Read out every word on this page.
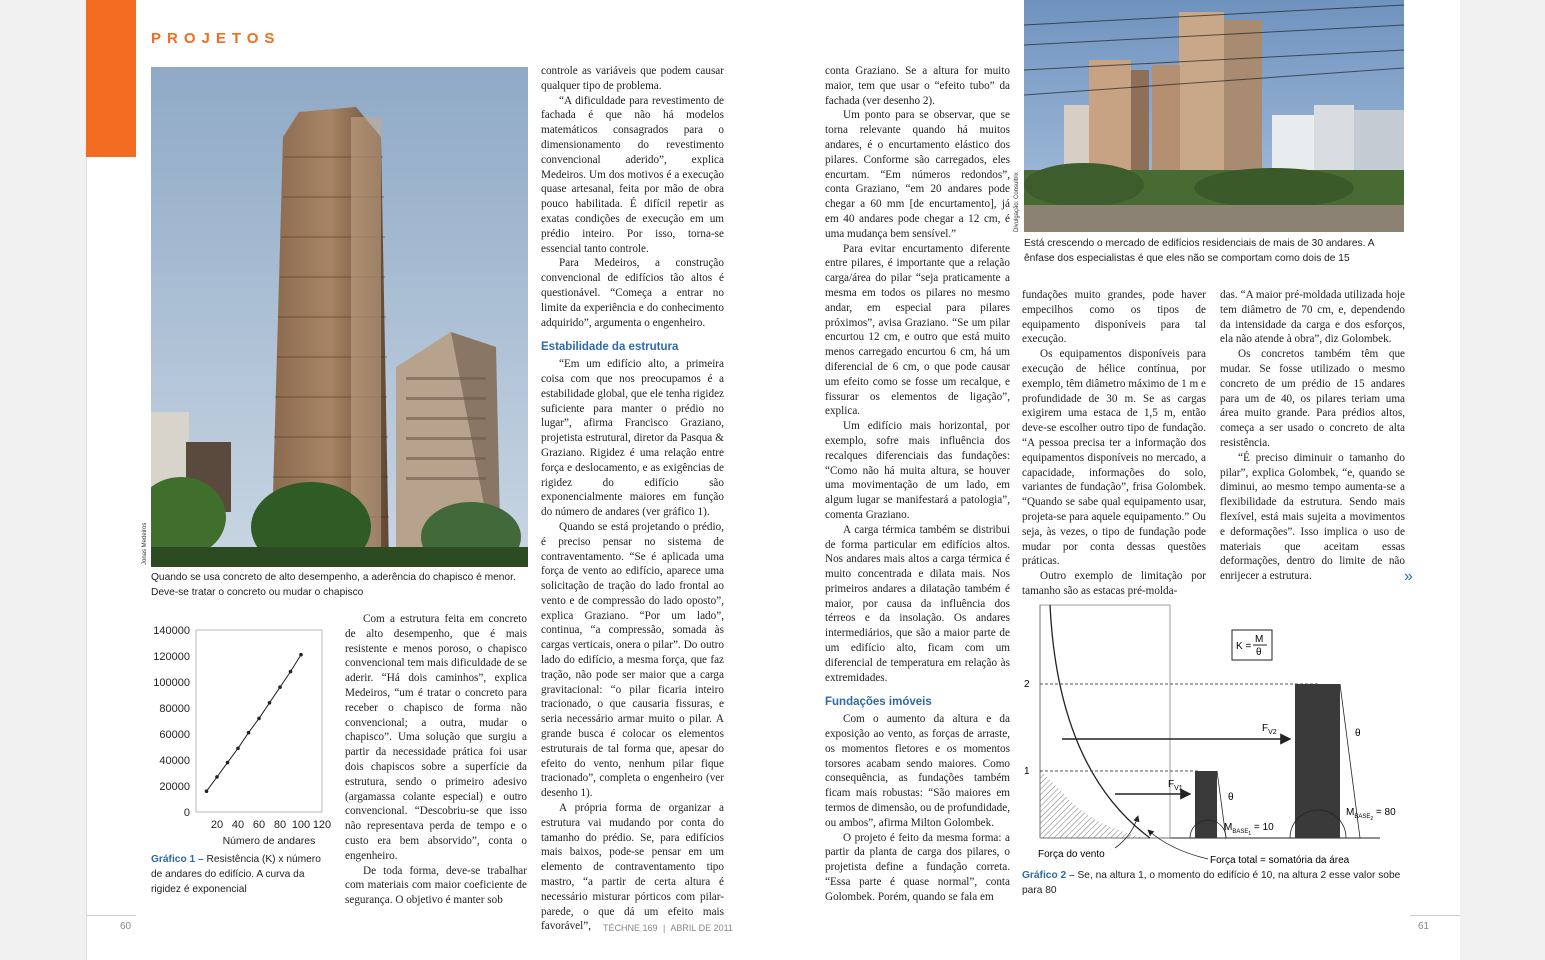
PROJETOS
Jonas Medeiros
Quando se usa concreto de alto desempenho, a aderência do chapisco é menor. Deve-se tratar o concreto ou mudar o chapisco
140000
120000
100000
80000
60000
40000
20000
0
20 40 60 80 100 120
Número de andares
Gráfico 1 – Resistência (K) x número de andares do edifício. A curva da rigidez é exponencial

Com a estrutura feita em concreto de alto desempenho, que é mais resistente e menos poroso, o chapisco convencional tem mais dificuldade de se aderir. “Há dois caminhos”, explica Medeiros, “um é tratar o concreto para receber o chapisco de forma não convencional; a outra, mudar o chapisco”. Uma solução que surgiu a partir da necessidade prática foi usar dois chapiscos sobre a superfície da estrutura, sendo o primeiro adesivo (argamassa colante especial) e outro convencional. “Descobriu-se que isso não representava perda de tempo e o custo era bem absorvido”, conta o engenheiro.

De toda forma, deve-se trabalhar com materiais com maior coeficiente de segurança. O objetivo é manter sob

controle as variáveis que podem causar qualquer tipo de problema.

“A dificuldade para revestimento de fachada é que não há modelos matemáticos consagrados para o dimensionamento do revestimento convencional aderido”, explica Medeiros. Um dos motivos é a execução quase artesanal, feita por mão de obra pouco habilitada. É difícil repetir as exatas condições de execução em um prédio inteiro. Por isso, torna-se essencial tanto controle.

Para Medeiros, a construção convencional de edifícios tão altos é questionável. “Começa a entrar no limite da experiência e do conhecimento adquirido”, argumenta o engenheiro.

Estabilidade da estrutura

“Em um edifício alto, a primeira coisa com que nos preocupamos é a estabilidade global, que ele tenha rigidez suficiente para manter o prédio no lugar”, afirma Francisco Graziano, projetista estrutural, diretor da Pasqua & Graziano. Rigidez é uma relação entre força e deslocamento, e as exigências de rigidez do edifício são exponencialmente maiores em função do número de andares (ver gráfico 1).

Quando se está projetando o prédio, é preciso pensar no sistema de contraventamento. “Se é aplicada uma força de vento ao edifício, aparece uma solicitação de tração do lado frontal ao vento e de compressão do lado oposto”, explica Graziano. “Por um lado”, continua, “a compressão, somada às cargas verticais, onera o pilar”. Do outro lado do edifício, a mesma força, que faz tração, não pode ser maior que a carga gravitacional: “o pilar ficaria inteiro tracionado, o que causaria fissuras, e seria necessário armar muito o pilar. A grande busca é colocar os elementos estruturais de tal forma que, apesar do efeito do vento, nenhum pilar fique tracionado”, completa o engenheiro (ver desenho 1).

A própria forma de organizar a estrutura vai mudando por conta do tamanho do prédio. Se, para edifícios mais baixos, pode-se pensar em um elemento de contraventamento tipo mastro, “a partir de certa altura é necessário misturar pórticos com pilar-parede, o que dá um efeito mais favorável”,

conta Graziano. Se a altura for muito maior, tem que usar o “efeito tubo” da fachada (ver desenho 2).

Um ponto para se observar, que se torna relevante quando há muitos andares, é o encurtamento elástico dos pilares. Conforme são carregados, eles encurtam. “Em números redondos”, conta Graziano, “em 20 andares pode chegar a 60 mm [de encurtamento], já em 40 andares pode chegar a 12 cm, é uma mudança bem sensível.”

Para evitar encurtamento diferente entre pilares, é importante que a relação carga/área do pilar “seja praticamente a mesma em todos os pilares no mesmo andar, em especial para pilares próximos”, avisa Graziano. “Se um pilar encurtou 12 cm, e outro que está muito menos carregado encurtou 6 cm, há um diferencial de 6 cm, o que pode causar um efeito como se fosse um recalque, e fissurar os elementos de ligação”, explica.

Um edifício mais horizontal, por exemplo, sofre mais influência dos recalques diferenciais das fundações: “Como não há muita altura, se houver uma movimentação de um lado, em algum lugar se manifestará a patologia”, comenta Graziano.

A carga térmica também se distribui de forma particular em edifícios altos. Nos andares mais altos a carga térmica é muito concentrada e dilata mais. Nos primeiros andares a dilatação também é maior, por causa da influência dos térreos e da insolação. Os andares intermediários, que são a maior parte de um edifício alto, ficam com um diferencial de temperatura em relação às extremidades.

Fundações imóveis

Com o aumento da altura e da exposição ao vento, as forças de arraste, os momentos fletores e os momentos torsores acabam sendo maiores. Como consequência, as fundações também ficam mais robustas: “São maiores em termos de dimensão, ou de profundidade, ou ambos”, afirma Milton Golombek.

O projeto é feito da mesma forma: a partir da planta de carga dos pilares, o projetista define a fundação correta. “Essa parte é quase normal”, conta Golombek. Porém, quando se fala em

Divulgação: Consultrix
Está crescendo o mercado de edifícios residenciais de mais de 30 andares. A ênfase dos especialistas é que eles não se comportam como dois de 15

fundações muito grandes, pode haver empecilhos como os tipos de equipamento disponíveis para tal execução.

Os equipamentos disponíveis para execução de hélice contínua, por exemplo, têm diâmetro máximo de 1 m e profundidade de 30 m. Se as cargas exigirem uma estaca de 1,5 m, então deve-se escolher outro tipo de fundação. “A pessoa precisa ter a informação dos equipamentos disponíveis no mercado, a capacidade, informações do solo, variantes de fundação”, frisa Golombek. “Quando se sabe qual equipamento usar, projeta-se para aquele equipamento.” Ou seja, às vezes, o tipo de fundação pode mudar por conta dessas questões práticas.

Outro exemplo de limitação por tamanho são as estacas pré-molda-

das. “A maior pré-moldada utilizada hoje tem diâmetro de 70 cm, e, dependendo da intensidade da carga e dos esforços, ela não atende à obra”, diz Golombek.

Os concretos também têm que mudar. Se fosse utilizado o mesmo concreto de um prédio de 15 andares para um de 40, os pilares teriam uma área muito grande. Para prédios altos, começa a ser usado o concreto de alta resistência.

“É preciso diminuir o tamanho do pilar”, explica Golombek, “e, quando se diminui, ao mesmo tempo aumenta-se a flexibilidade da estrutura. Sendo mais flexível, está mais sujeita a movimentos e deformações”. Isso implica o uso de materiais que aceitam essas deformações, dentro do limite de não enrijecer a estrutura.	»
2
1
K =
M
θ
$F_{V2}$
$F_{V1}$
θ
θ
$M_{BASE1} = 10$
$M_{BASE2} = 80$
Força do vento
Força total = somatória da área
Gráfico 2 – Se, na altura 1, o momento do edifício é 10, na altura 2 esse valor sobe para 80
60	61
TÉCHNE 169 | ABRIL DE 2011
